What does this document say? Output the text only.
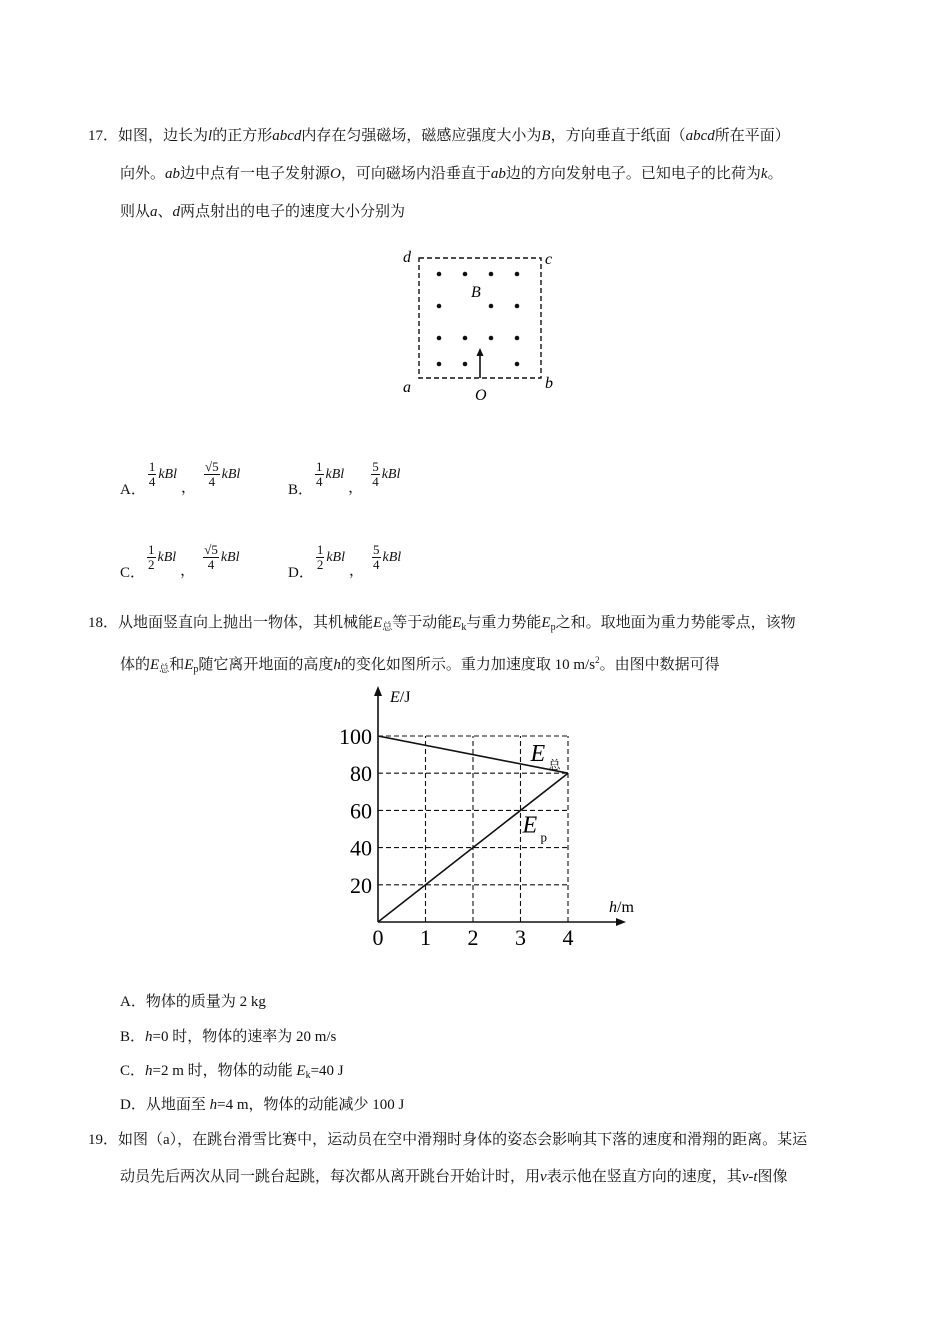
17．如图，边长为l的正方形abcd内存在匀强磁场，磁感应强度大小为B，方向垂直于纸面（abcd所在平面）
向外。ab边中点有一电子发射源O，可向磁场内沿垂直于ab边的方向发射电子。已知电子的比荷为k。
则从a、d两点射出的电子的速度大小分别为
d	c
a	b
B
O
A．
$\frac{1}{4}$ kBl
， $\frac{√5}{4}$ kBl
B．
$\frac{1}{4}$ kBl
， $\frac{5}{4}$ kBl
C．
$\frac{1}{2}$ kBl
， $\frac{√5}{4}$ kBl
D．
$\frac{1}{2}$ kBl
， $\frac{5}{4}$ kBl
18．从地面竖直向上抛出一物体，其机械能$E_总$等于动能$E_k$与重力势能$E_p$之和。取地面为重力势能零点，该物
体的$E_总$和$E_p$随它离开地面的高度h的变化如图所示。重力加速度取 10 $m/s^2$。由图中数据可得
20
40
60
80
100
0 1 2 3 4
E/J
h/m
E 总
E p
A．物体的质量为 2 kg
B．h=0 时，物体的速率为 20 m/s
C．h=2 m 时，物体的动能 $E_k=40$ J
D．从地面至 h=4 m，物体的动能减少 100 J
19．如图（a），在跳台滑雪比赛中，运动员在空中滑翔时身体的姿态会影响其下落的速度和滑翔的距离。某运
动员先后两次从同一跳台起跳，每次都从离开跳台开始计时，用v表示他在竖直方向的速度，其v-t图像
